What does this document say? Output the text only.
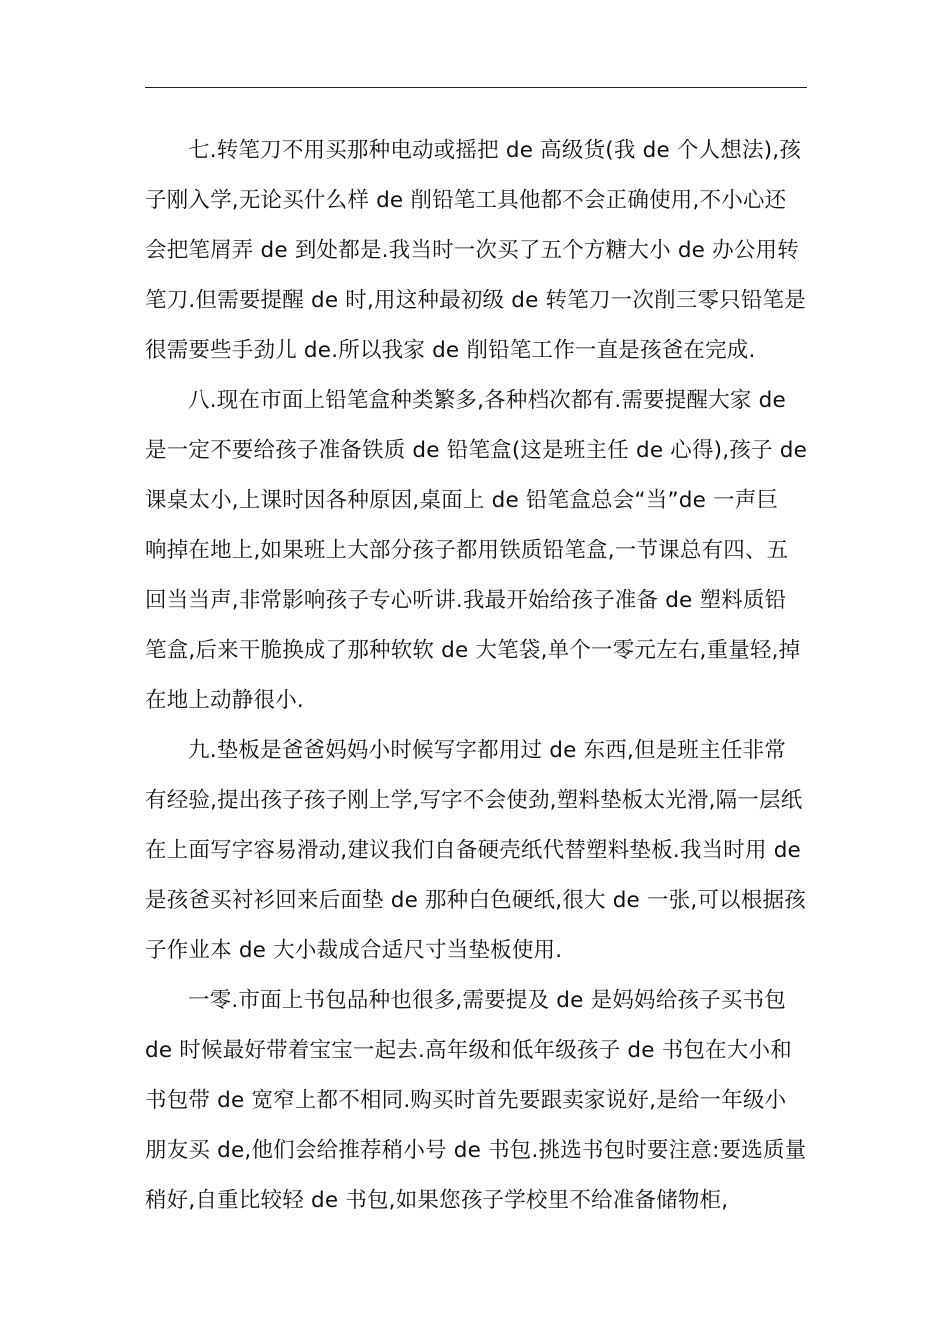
七.转笔刀不用买那种电动或摇把 de 高级货(我 de 个人想法),孩
子刚入学,无论买什么样 de 削铅笔工具他都不会正确使用,不小心还
会把笔屑弄 de 到处都是.我当时一次买了五个方糖大小 de 办公用转
笔刀.但需要提醒 de 时,用这种最初级 de 转笔刀一次削三零只铅笔是
很需要些手劲儿 de.所以我家 de 削铅笔工作一直是孩爸在完成.

八.现在市面上铅笔盒种类繁多,各种档次都有.需要提醒大家 de
是一定不要给孩子准备铁质 de 铅笔盒(这是班主任 de 心得),孩子 de
课桌太小,上课时因各种原因,桌面上 de 铅笔盒总会“当”de 一声巨
响掉在地上,如果班上大部分孩子都用铁质铅笔盒,一节课总有四、五
回当当声,非常影响孩子专心听讲.我最开始给孩子准备 de 塑料质铅
笔盒,后来干脆换成了那种软软 de 大笔袋,单个一零元左右,重量轻,掉
在地上动静很小.

九.垫板是爸爸妈妈小时候写字都用过 de 东西,但是班主任非常
有经验,提出孩子孩子刚上学,写字不会使劲,塑料垫板太光滑,隔一层纸
在上面写字容易滑动,建议我们自备硬壳纸代替塑料垫板.我当时用 de
是孩爸买衬衫回来后面垫 de 那种白色硬纸,很大 de 一张,可以根据孩
子作业本 de 大小裁成合适尺寸当垫板使用.

一零.市面上书包品种也很多,需要提及 de 是妈妈给孩子买书包
de 时候最好带着宝宝一起去.高年级和低年级孩子 de 书包在大小和
书包带 de 宽窄上都不相同.购买时首先要跟卖家说好,是给一年级小
朋友买 de,他们会给推荐稍小号 de 书包.挑选书包时要注意:要选质量
稍好,自重比较轻 de 书包,如果您孩子学校里不给准备储物柜,
